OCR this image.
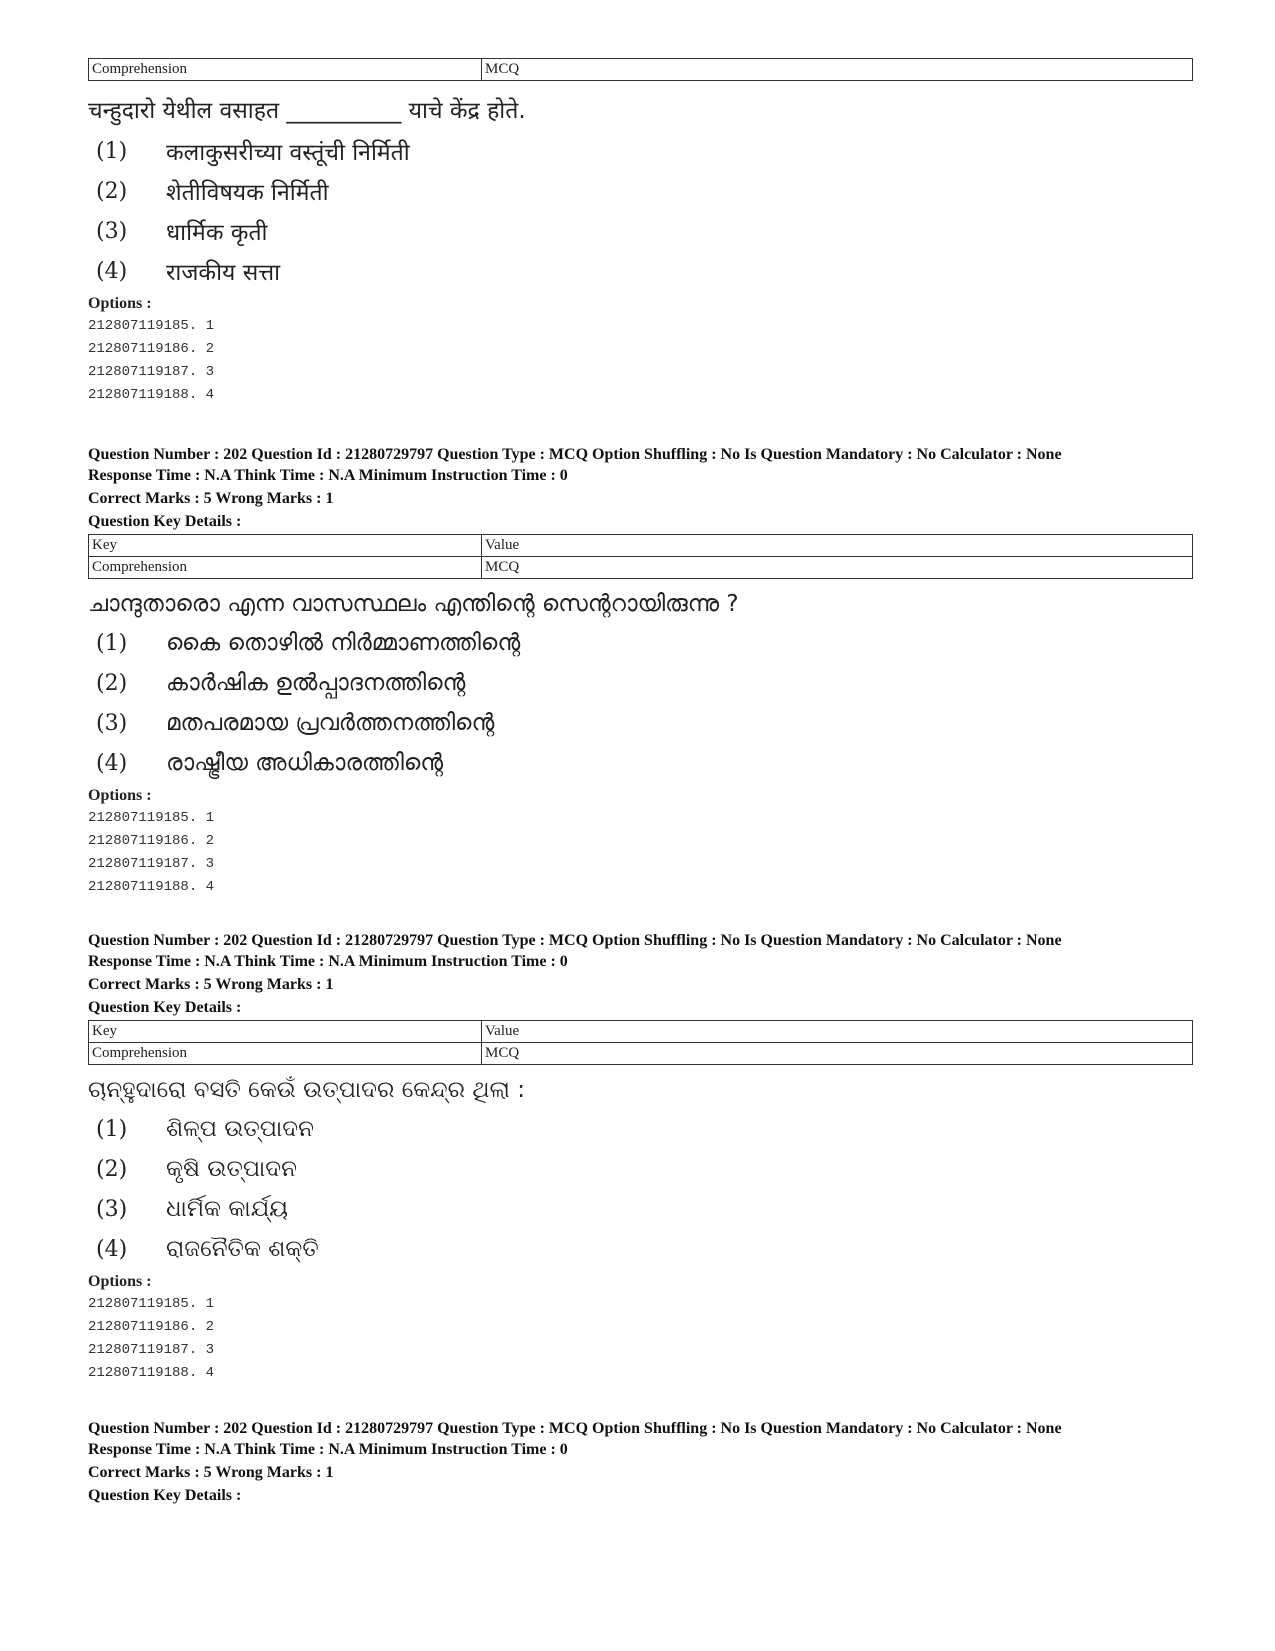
Comprehension	MCQ

चन्हुदारो येथील वसाहत __________ याचे केंद्र होते.

(1)	कलाकुसरीच्या वस्तूंची निर्मिती
(2)	शेतीविषयक निर्मिती
(3)	धार्मिक कृती
(4)	राजकीय सत्ता
Options :
212807119185. 1
212807119186. 2
212807119187. 3
212807119188. 4

Question Number : 202 Question Id : 21280729797 Question Type : MCQ Option Shuffling : No Is Question Mandatory : No Calculator : None

Response Time : N.A Think Time : N.A Minimum Instruction Time : 0

Correct Marks : 5 Wrong Marks : 1

Question Key Details :

Key	Value
Comprehension	MCQ

ചാന്ദുതാരൊ എന്ന വാസസ്ഥലം എന്തിന്റെ സെന്ററായിരുന്നു ?

(1)	കൈ തൊഴിൽ നിർമ്മാണത്തിന്റെ
(2)	കാർഷിക ഉൽപ്പാദനത്തിന്റെ
(3)	മതപരമായ പ്രവർത്തനത്തിന്റെ
(4)	രാഷ്ട്രീയ അധികാരത്തിന്റെ
Options :
212807119185. 1
212807119186. 2
212807119187. 3
212807119188. 4

Question Number : 202 Question Id : 21280729797 Question Type : MCQ Option Shuffling : No Is Question Mandatory : No Calculator : None

Response Time : N.A Think Time : N.A Minimum Instruction Time : 0

Correct Marks : 5 Wrong Marks : 1

Question Key Details :

Key	Value
Comprehension	MCQ

ଚାନ୍ହୁଦାରୋ ବସତି କେଉଁ ଉତ୍ପାଦର କେନ୍ଦ୍ର ଥିଲା :

(1)	ଶିଳ୍ପ ଉତ୍ପାଦନ
(2)	କୃଷି ଉତ୍ପାଦନ
(3)	ଧାର୍ମିକ କାର୍ଯ୍ୟ
(4)	ରାଜନୈତିକ ଶକ୍ତି
Options :
212807119185. 1
212807119186. 2
212807119187. 3
212807119188. 4

Question Number : 202 Question Id : 21280729797 Question Type : MCQ Option Shuffling : No Is Question Mandatory : No Calculator : None

Response Time : N.A Think Time : N.A Minimum Instruction Time : 0

Correct Marks : 5 Wrong Marks : 1

Question Key Details :
